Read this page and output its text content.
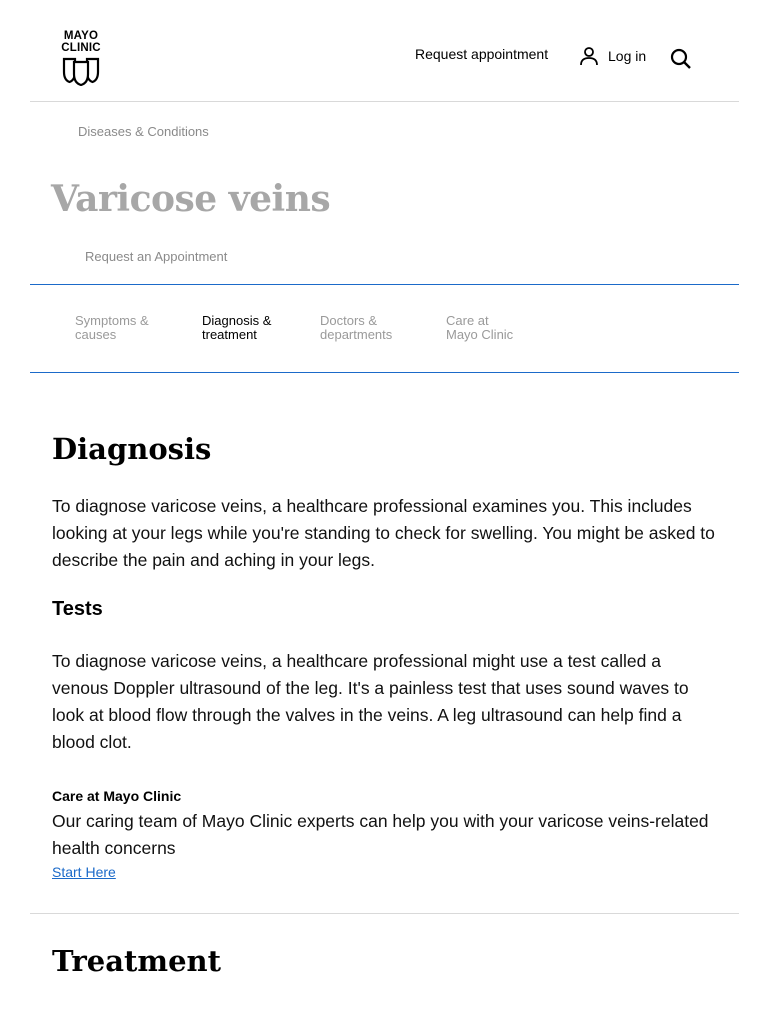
MAYO
CLINIC	Request appointment	Log in
Diseases & Conditions
Varicose veins
Request an Appointment
Symptoms &
causes
Diagnosis &
treatment
Doctors &
departments
Care at
Mayo Clinic
Diagnosis

To diagnose varicose veins, a healthcare professional examines you. This includes looking at your legs while you're standing to check for swelling. You might be asked to describe the pain and aching in your legs.

Tests

To diagnose varicose veins, a healthcare professional might use a test called a venous Doppler ultrasound of the leg. It's a painless test that uses sound waves to look at blood flow through the valves in the veins. A leg ultrasound can help find a blood clot.

Care at Mayo Clinic

Our caring team of Mayo Clinic experts can help you with your varicose veins-related health concerns

Start Here
Treatment
